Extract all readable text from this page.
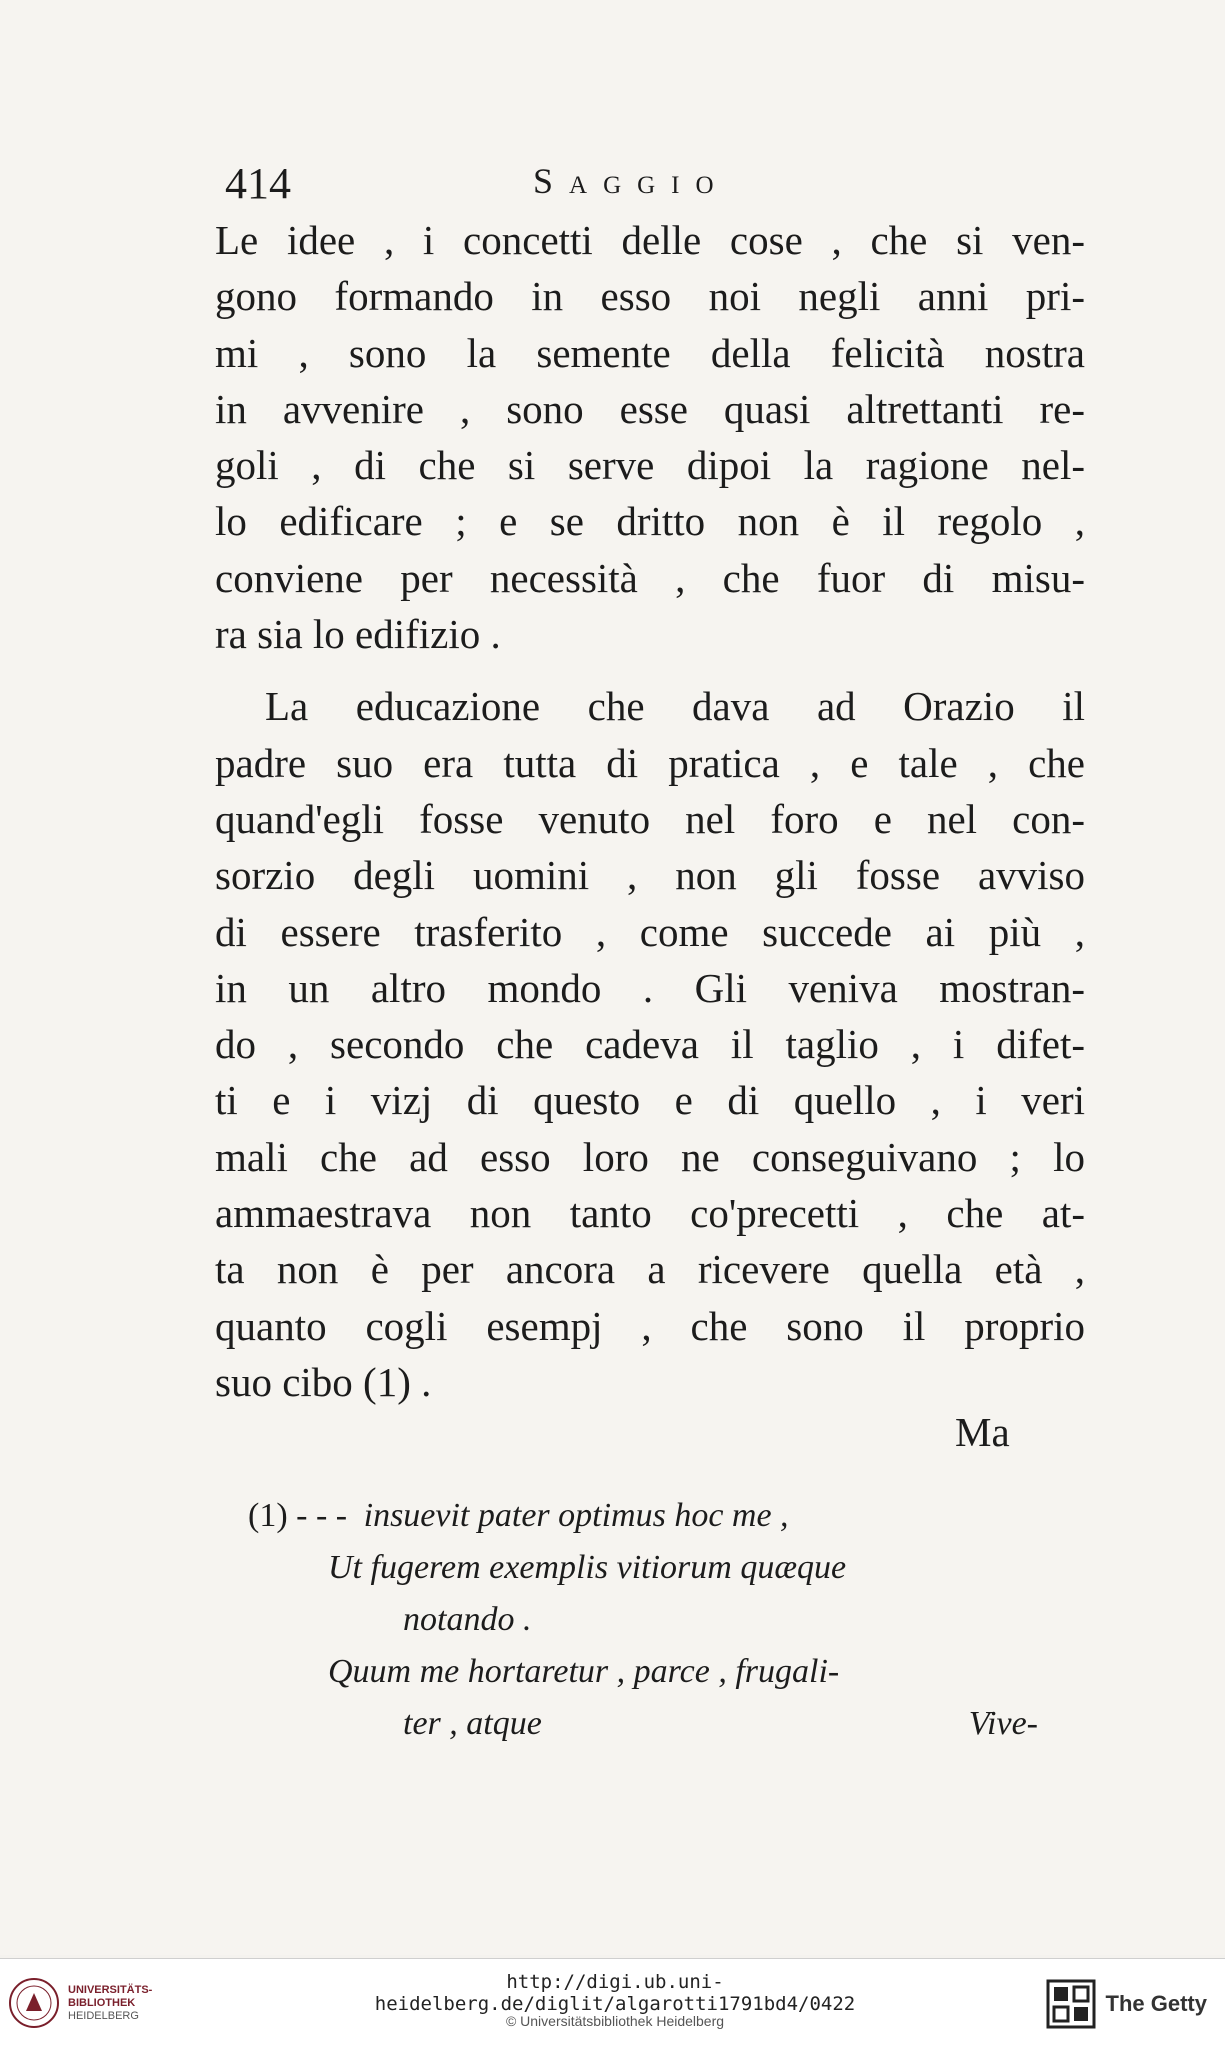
414	Saggio
Le idee , i concetti delle cose , che si ven-
gono formando in esso noi negli anni pri-
mi , sono la semente della felicità nostra
in avvenire , sono esse quasi altrettanti re-
goli , di che si serve dipoi la ragione nel-
lo edificare ; e se dritto non è il regolo ,
conviene per necessità , che fuor di misu-
ra sia lo edifizio .
La educazione che dava ad Orazio il
padre suo era tutta di pratica , e tale , che
quand'egli fosse venuto nel foro e nel con-
sorzio degli uomini , non gli fosse avviso
di essere trasferito , come succede ai più ,
in un altro mondo . Gli veniva mostran-
do , secondo che cadeva il taglio , i difet-
ti e i vizj di questo e di quello , i veri
mali che ad esso loro ne conseguivano ; lo
ammaestrava non tanto co'precetti , che at-
ta non è per ancora a ricevere quella età ,
quanto cogli esempj , che sono il proprio
suo cibo (1) .
Ma
(1) - - - insuevit pater optimus hoc me ,
Ut fugerem exemplis vitiorum quæque
notando .
Quum me hortaretur , parce , frugali-
ter , atque	Vive-
UNIVERSITÄTS-
BIBLIOTHEK
HEIDELBERG
http://digi.ub.uni-heidelberg.de/diglit/algarotti1791bd4/0422
© Universitätsbibliothek Heidelberg
The Getty
